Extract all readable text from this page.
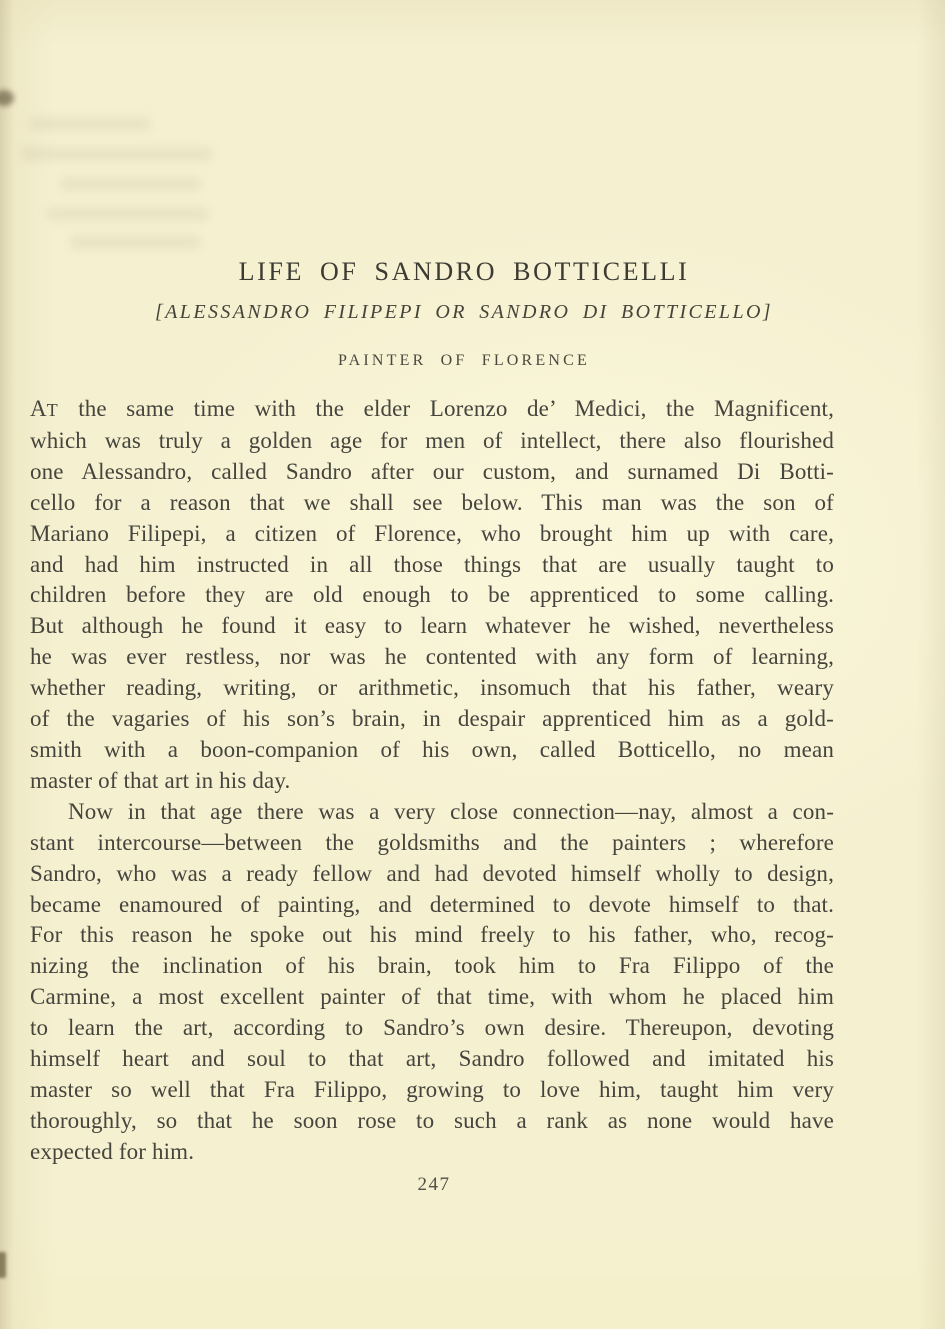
LIFE OF SANDRO BOTTICELLI
[ALESSANDRO FILIPEPI OR SANDRO DI BOTTICELLO]
PAINTER OF FLORENCE
AT the same time with the elder Lorenzo de’ Medici, the Magnificent,
which was truly a golden age for men of intellect, there also flourished
one Alessandro, called Sandro after our custom, and surnamed Di Botti-
cello for a reason that we shall see below. This man was the son of
Mariano Filipepi, a citizen of Florence, who brought him up with care,
and had him instructed in all those things that are usually taught to
children before they are old enough to be apprenticed to some calling.
But although he found it easy to learn whatever he wished, nevertheless
he was ever restless, nor was he contented with any form of learning,
whether reading, writing, or arithmetic, insomuch that his father, weary
of the vagaries of his son’s brain, in despair apprenticed him as a gold-
smith with a boon-companion of his own, called Botticello, no mean
master of that art in his day.
Now in that age there was a very close connection—nay, almost a con-
stant intercourse—between the goldsmiths and the painters ; wherefore
Sandro, who was a ready fellow and had devoted himself wholly to design,
became enamoured of painting, and determined to devote himself to that.
For this reason he spoke out his mind freely to his father, who, recog-
nizing the inclination of his brain, took him to Fra Filippo of the
Carmine, a most excellent painter of that time, with whom he placed him
to learn the art, according to Sandro’s own desire. Thereupon, devoting
himself heart and soul to that art, Sandro followed and imitated his
master so well that Fra Filippo, growing to love him, taught him very
thoroughly, so that he soon rose to such a rank as none would have
expected for him.
247
